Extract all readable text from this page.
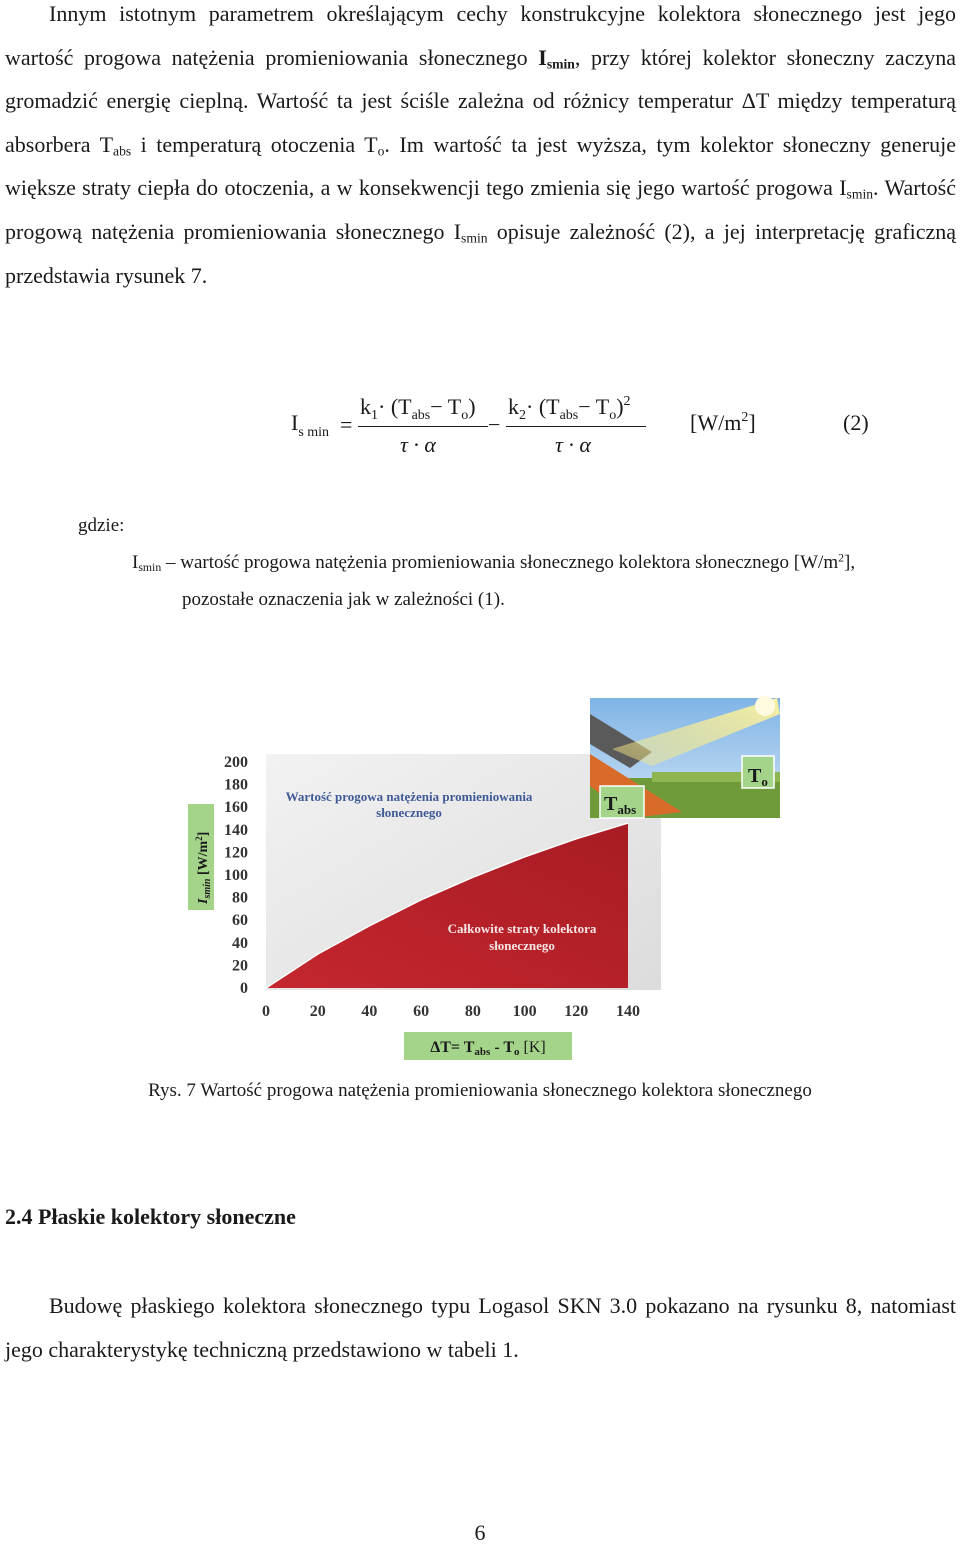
Innym istotnym parametrem określającym cechy konstrukcyjne kolektora słonecznego jest jego wartość progowa natężenia promieniowania słonecznego $I_{smin}$, przy której kolektor słoneczny zaczyna gromadzić energię cieplną. Wartość ta jest ściśle zależna od różnicy temperatur ΔT między temperaturą absorbera $T_{abs}$ i temperaturą otoczenia $T_o$. Im wartość ta jest wyższa, tym kolektor słoneczny generuje większe straty ciepła do otoczenia, a w konsekwencji tego zmienia się jego wartość progowa $I_{smin}$. Wartość progową natężenia promieniowania słonecznego $I_{smin}$ opisuje zależność (2), a jej interpretację graficzną przedstawia rysunek 7.

$I_{s min}$ =
$k_1\cdot (T_{abs}- T_o)$
τ · α
−
$k_2\cdot (T_{abs}- T_o)^2$
τ · α
$[W/m^2]$	(2)
gdzie:
$I_{smin}$ – wartość progowa natężenia promieniowania słonecznego kolektora słonecznego $[W/m^2]$,
pozostałe oznaczenia jak w zależności (1).
$I_{smin}$ $[W/m^2]$
200
180
160
140
120
100
80
60
40
20
0
0 20 40 60 80 100 120 140
Wartość progowa natężenia promieniowania
słonecznego
Całkowite straty kolektora
słonecznego
$T_o$
$T_{abs}$
ΔT= Tabs - To [K]
Rys. 7 Wartość progowa natężenia promieniowania słonecznego kolektora słonecznego
2.4 Płaskie kolektory słoneczne

Budowę płaskiego kolektora słonecznego typu Logasol SKN 3.0 pokazano na rysunku 8, natomiast jego charakterystykę techniczną przedstawiono w tabeli 1.

6
